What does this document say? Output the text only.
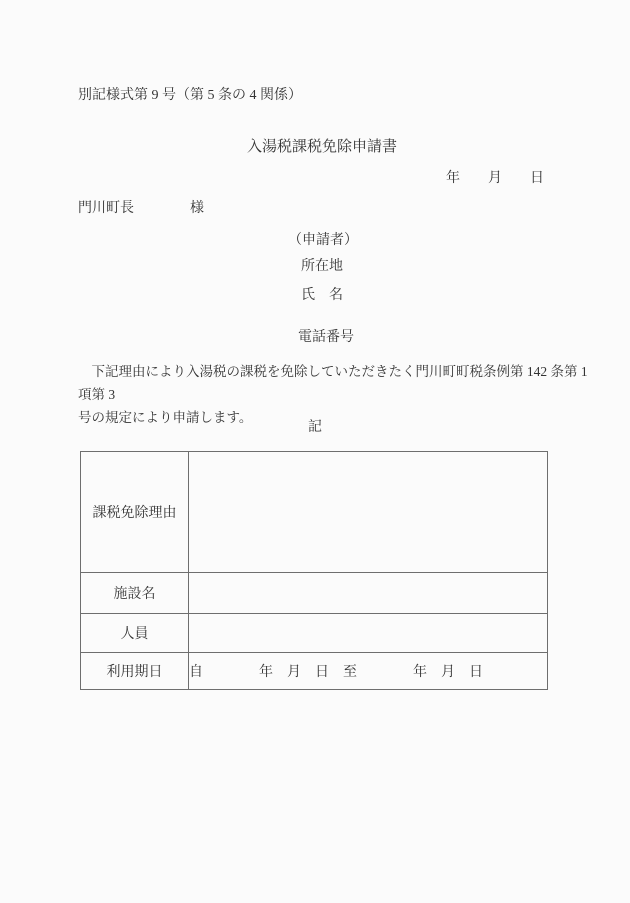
別記様式第 9 号（第 5 条の 4 関係）
入湯税課税免除申請書
年　　月　　日
門川町長　　　　様
（申請者）
所在地
氏　名
電話番号
　下記理由により入湯税の課税を免除していただきたく門川町町税条例第 142 条第 1 項第 3
号の規定により申請します。
記
課税免除理由	
施設名	
人員	
利用期日	自　　　　年　月　日　至　　　　年　月　日
